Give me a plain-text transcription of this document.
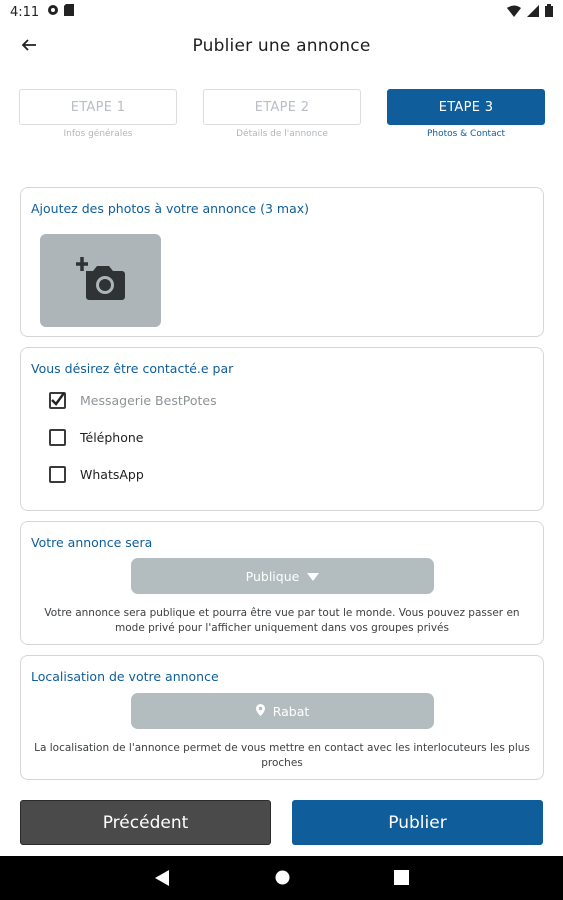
4:11
Publier une annonce
ETAPE 1
Infos générales
ETAPE 2
Détails de l'annonce
ETAPE 3
Photos & Contact
Ajoutez des photos à votre annonce (3 max)
Vous désirez être contacté.e par
Messagerie BestPotes
Téléphone
WhatsApp
Votre annonce sera
Publique
Votre annonce sera publique et pourra être vue par tout le monde. Vous pouvez passer en mode privé pour l'afficher uniquement dans vos groupes privés
Localisation de votre annonce
Rabat
La localisation de l'annonce permet de vous mettre en contact avec les interlocuteurs les plus proches
Précédent	Publier
